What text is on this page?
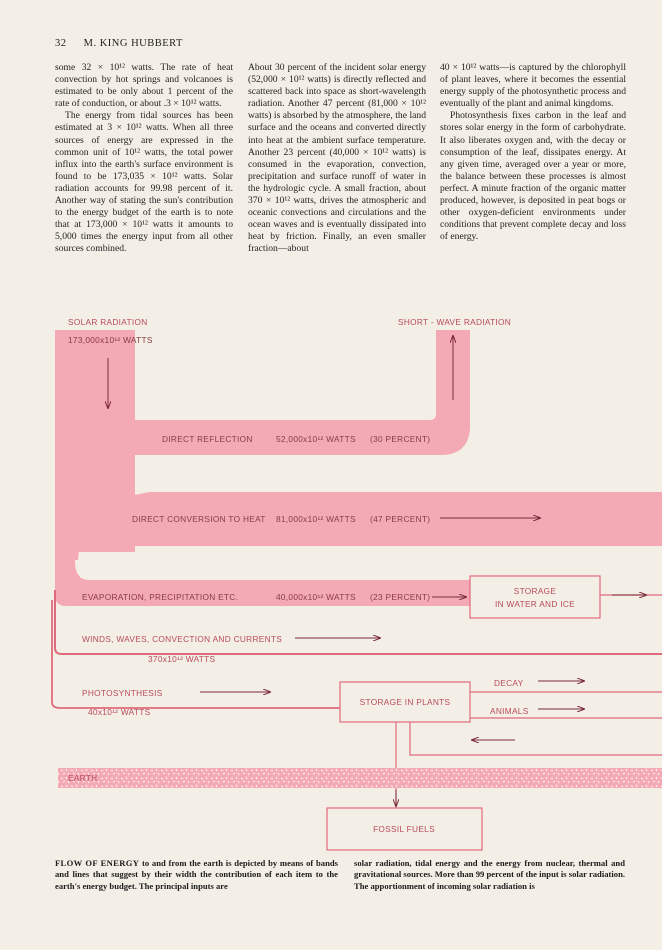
32 M. KING HUBBERT

some 32 × 10¹² watts. The rate of heat convection by hot springs and volcanoes is estimated to be only about 1 percent of the rate of conduction, or about .3 × 10¹² watts.

The energy from tidal sources has been estimated at 3 × 10¹² watts. When all three sources of energy are expressed in the common unit of 10¹² watts, the total power influx into the earth's surface environment is found to be 173,035 × 10¹² watts. Solar radiation accounts for 99.98 percent of it. Another way of stating the sun's contribution to the energy budget of the earth is to note that at 173,000 × 10¹² watts it amounts to 5,000 times the energy input from all other sources combined.

About 30 percent of the incident solar energy (52,000 × 10¹² watts) is directly reflected and scattered back into space as short-wavelength radiation. Another 47 percent (81,000 × 10¹² watts) is absorbed by the atmosphere, the land surface and the oceans and converted directly into heat at the ambient surface temperature. Another 23 percent (40,000 × 10¹² watts) is consumed in the evaporation, convection, precipitation and surface runoff of water in the hydrologic cycle. A small fraction, about 370 × 10¹² watts, drives the atmospheric and oceanic convections and circulations and the ocean waves and is eventually dissipated into heat by friction. Finally, an even smaller fraction—about

40 × 10¹² watts—is captured by the chlorophyll of plant leaves, where it becomes the essential energy supply of the photosynthetic process and eventually of the plant and animal kingdoms.

Photosynthesis fixes carbon in the leaf and stores solar energy in the form of carbohydrate. It also liberates oxygen and, with the decay or consumption of the leaf, dissipates energy. At any given time, averaged over a year or more, the balance between these processes is almost perfect. A minute fraction of the organic matter produced, however, is deposited in peat bogs or other oxygen-deficient environments under conditions that prevent complete decay and loss of energy.

SOLAR RADIATION
173,000x10¹² WATTS
SHORT - WAVE RADIATION
DIRECT REFLECTION	52,000x10¹² WATTS (30 PERCENT)
DIRECT CONVERSION TO HEAT 81,000x10¹² WATTS (47 PERCENT)
EVAPORATION, PRECIPITATION ETC.	40,000x10¹² WATTS (23 PERCENT)
STORAGE
IN WATER AND ICE
WINDS, WAVES, CONVECTION AND CURRENTS
370x10¹² WATTS
PHOTOSYNTHESIS
40x10¹² WATTS
STORAGE IN PLANTS
DECAY
ANIMALS
EARTH
FOSSIL FUELS
FLOW OF ENERGY to and from the earth is depicted by means of bands and lines that suggest by their width the contribution of each item to the earth's energy budget. The principal inputs are
solar radiation, tidal energy and the energy from nuclear, thermal and gravitational sources. More than 99 percent of the input is solar radiation. The apportionment of incoming solar radiation is
